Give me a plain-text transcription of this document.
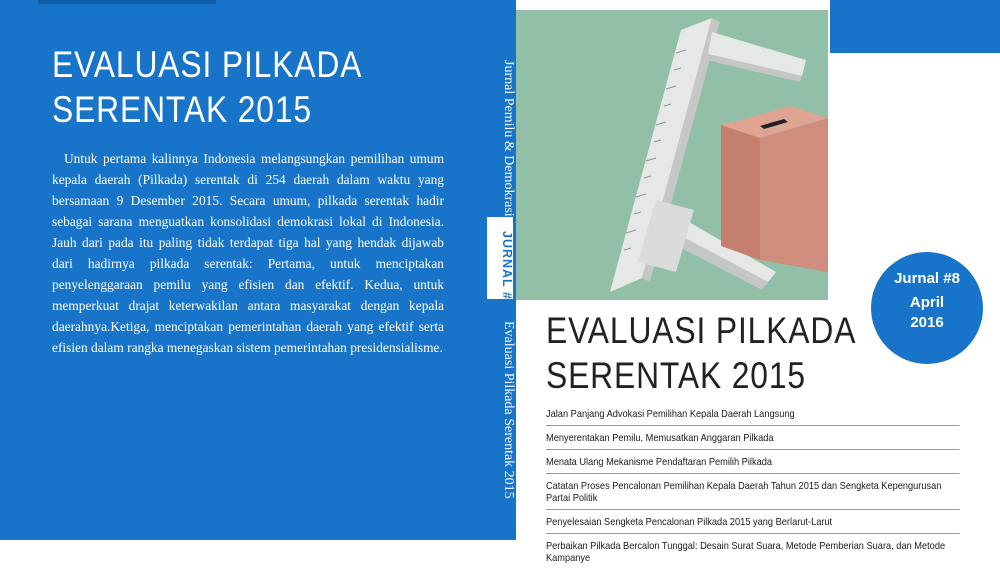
EVALUASI PILKADA
SERENTAK 2015

Untuk pertama kalinnya Indonesia melangsungkan pemilihan umum kepala daerah (Pilkada) serentak di 254 daerah dalam waktu yang bersamaan 9 Desember 2015. Secara umum, pilkada serentak hadir sebagai sarana menguatkan konsolidasi demokrasi lokal di Indonesia. Jauh dari pada itu paling tidak terdapat tiga hal yang hendak dijawab dari hadirnya pilkada serentak: Pertama, untuk menciptakan penyelenggaraan pemilu yang efisien dan efektif. Kedua, untuk memperkuat drajat keterwakilan antara masyarakat dengan kepala daerahnya.Ketiga, menciptakan pemerintahan daerah yang efektif serta efisien dalam rangka menegaskan sistem pemerintahan presidensialisme.

Jurnal Pemilu & Demokrasi
Evaluasi Pilkada Serentak 2015
JURNAL #8	Jurnal #8
April
2016
EVALUASI PILKADA
SERENTAK 2015
Jalan Panjang Advokasi Pemilihan Kepala Daerah Langsung
Menyerentakan Pemilu, Memusatkan Anggaran Pilkada
Menata Ulang Mekanisme Pendaftaran Pemilih Pilkada
Catatan Proses Pencalonan Pemilihan Kepala Daerah Tahun 2015 dan Sengketa Kepengurusan Partai Politik
Penyelesaian Sengketa Pencalonan Pilkada 2015 yang Berlarut-Larut
Perbaikan Pilkada Bercalon Tunggal: Desain Surat Suara, Metode Pemberian Suara, dan Metode Kampanye
